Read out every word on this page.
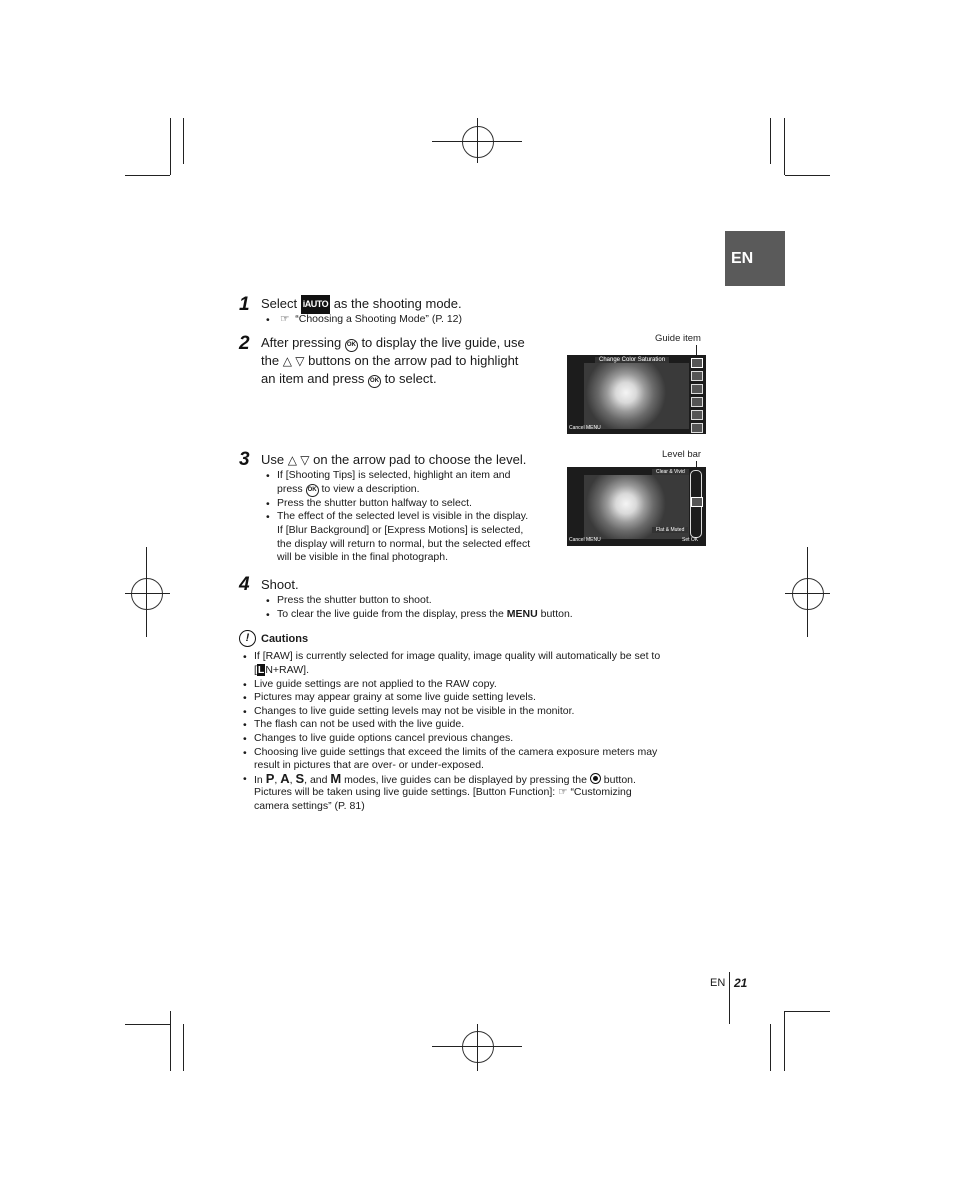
EN
1 Select iAUTO as the shooting mode.
• ☞ “Choosing a Shooting Mode” (P. 12)
2 After pressing OK to display the live guide, use
the △ ▽ buttons on the arrow pad to highlight
an item and press OK to select.
Guide item
Change Color Saturation
Cancel MENU
3 Use △ ▽ on the arrow pad to choose the level.
• If [Shooting Tips] is selected, highlight an item and
press OK to view a description.
• Press the shutter button halfway to select.
• The effect of the selected level is visible in the display.
If [Blur Background] or [Express Motions] is selected,
the display will return to normal, but the selected effect
will be visible in the final photograph.
Level bar
Clear & Vivid
Flat & Muted
Cancel MENU	Set OK
4 Shoot.
• Press the shutter button to shoot.
• To clear the live guide from the display, press the MENU button.
!	Cautions
• If [RAW] is currently selected for image quality, image quality will automatically be set to
[LN+RAW].
• Live guide settings are not applied to the RAW copy.
• Pictures may appear grainy at some live guide setting levels.
• Changes to live guide setting levels may not be visible in the monitor.
• The flash can not be used with the live guide.
• Changes to live guide options cancel previous changes.
• Choosing live guide settings that exceed the limits of the camera exposure meters may
result in pictures that are over- or under-exposed.
• In P, A, S, and M modes, live guides can be displayed by pressing the
button.
Pictures will be taken using live guide settings. [Button Function]: ☞ “Customizing
camera settings” (P. 81)
EN 21
